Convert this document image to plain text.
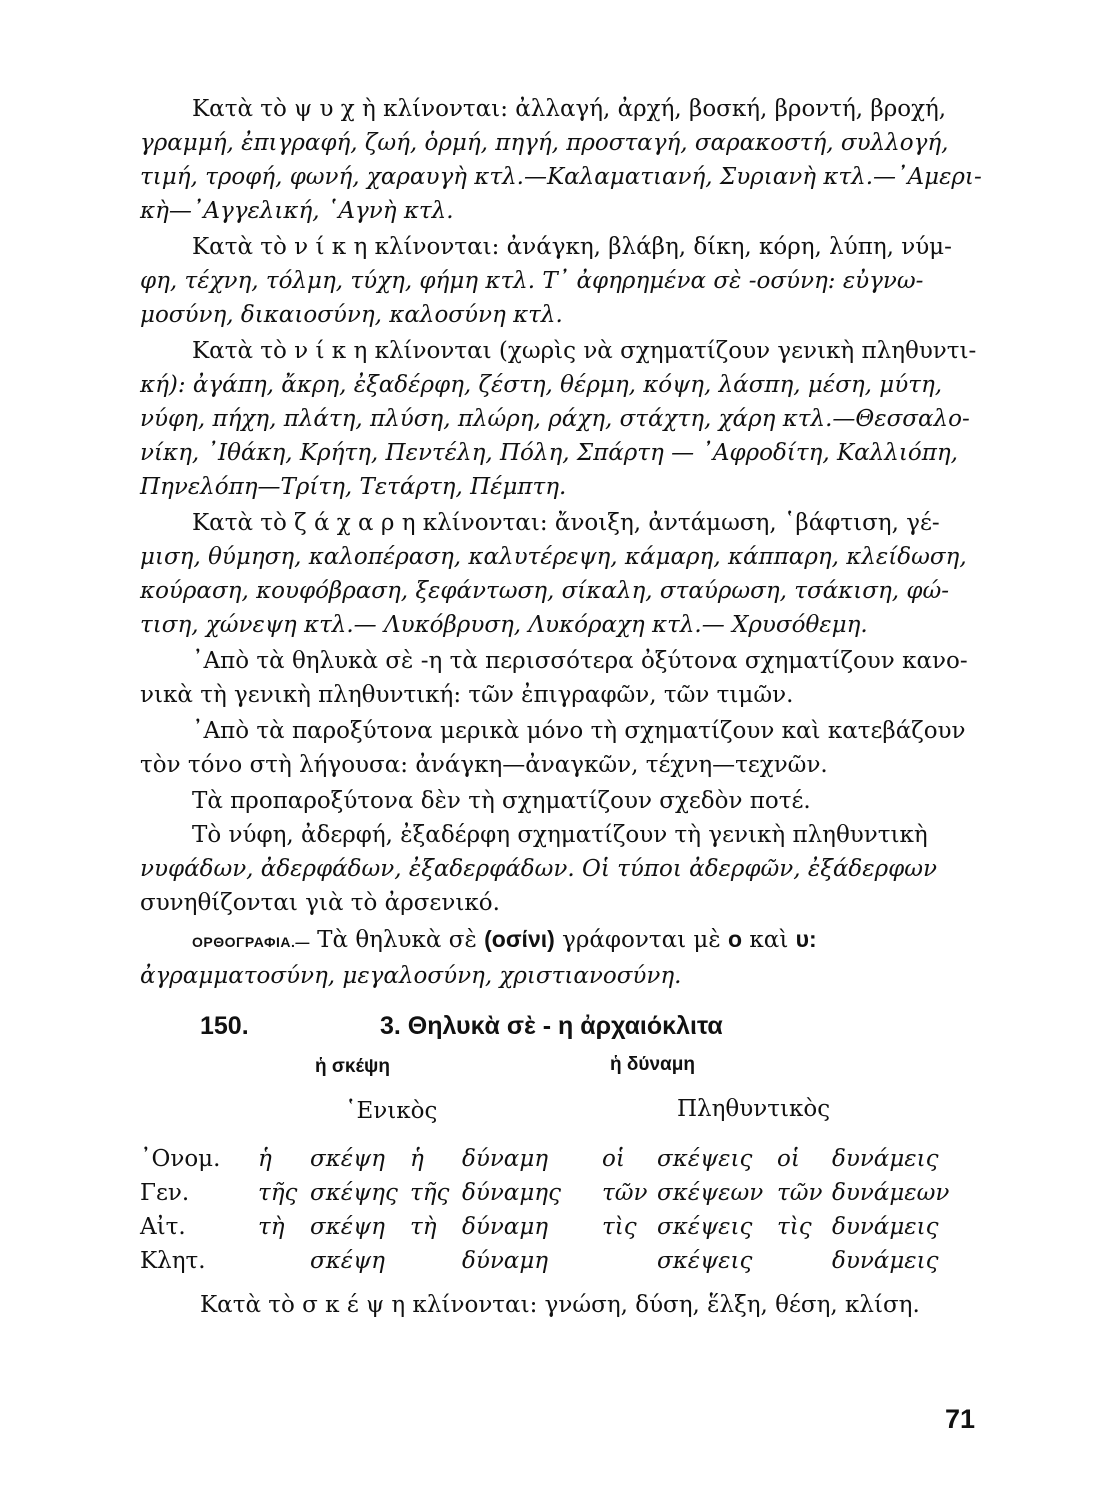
Κατὰ τὸ ψ υ χ ὴ κλίνονται: ἀλλαγή, ἀρχή, βοσκή, βροντή, βροχή,
γραμμή, ἐπιγραφή, ζωή, ὁρμή, πηγή, προσταγή, σαρακοστή, συλλογή,
τιμή, τροφή, φωνή, χαραυγὴ κτλ.—Καλαματιανή, Συριανὴ κτλ.—᾽Αμερι-
κὴ—᾽Αγγελική, ῾Αγνὴ κτλ.
Κατὰ τὸ ν ί κ η κλίνονται: ἀνάγκη, βλάβη, δίκη, κόρη, λύπη, νύμ-
φη, τέχνη, τόλμη, τύχη, φήμη κτλ. Τ᾽ ἀφηρημένα σὲ -οσύνη: εὐγνω-
μοσύνη, δικαιοσύνη, καλοσύνη κτλ.
Κατὰ τὸ ν ί κ η κλίνονται (χωρὶς νὰ σχηματίζουν γενικὴ πληθυντι-
κή): ἀγάπη, ἄκρη, ἐξαδέρφη, ζέστη, θέρμη, κόψη, λάσπη, μέση, μύτη,
νύφη, πήχη, πλάτη, πλύση, πλώρη, ράχη, στάχτη, χάρη κτλ.—Θεσσαλο-
νίκη, ᾽Ιθάκη, Κρήτη, Πεντέλη, Πόλη, Σπάρτη — ᾽Αφροδίτη, Καλλιόπη,
Πηνελόπη—Τρίτη, Τετάρτη, Πέμπτη.
Κατὰ τὸ ζ ά χ α ρ η κλίνονται: ἄνοιξη, ἀντάμωση, ῾βάφτιση, γέ-
μιση, θύμηση, καλοπέραση, καλυτέρεψη, κάμαρη, κάππαρη, κλείδωση,
κούραση, κουφόβραση, ξεφάντωση, σίκαλη, σταύρωση, τσάκιση, φώ-
τιση, χώνεψη κτλ.— Λυκόβρυση, Λυκόραχη κτλ.— Χρυσόθεμη.
᾽Απὸ τὰ θηλυκὰ σὲ -η τὰ περισσότερα ὀξύτονα σχηματίζουν κανο-
νικὰ τὴ γενικὴ πληθυντική: τῶν ἐπιγραφῶν, τῶν τιμῶν.
᾽Απὸ τὰ παροξύτονα μερικὰ μόνο τὴ σχηματίζουν καὶ κατεβάζουν
τὸν τόνο στὴ λήγουσα: ἀνάγκη—ἀναγκῶν, τέχνη—τεχνῶν.
Τὰ προπαροξύτονα δὲν τὴ σχηματίζουν σχεδὸν ποτέ.
Τὸ νύφη, ἀδερφή, ἐξαδέρφη σχηματίζουν τὴ γενικὴ πληθυντικὴ
νυφάδων, ἀδερφάδων, ἐξαδερφάδων. Οἱ τύποι ἀδερφῶν, ἐξάδερφων
συνηθίζονται γιὰ τὸ ἀρσενικό.
ΟΡΘΟΓΡΑΦΙΑ.— Τὰ θηλυκὰ σὲ (οσίνι) γράφονται μὲ ο καὶ υ:
ἀγραμματοσύνη, μεγαλοσύνη, χριστιανοσύνη.
150.	3. Θηλυκὰ σὲ - η ἀρχαιόκλιτα
ἡ σκέψη	ἡ δύναμη
῾Ενικὸς	Πληθυντικὸς
᾽Ονομ.	ἡ	σκέψη	ἡ	δύναμη	οἱ	σκέψεις	οἱ	δυνάμεις
Γεν.	τῆς	σκέψης	τῆς	δύναμης	τῶν	σκέψεων	τῶν	δυνάμεων
Αἰτ.	τὴ	σκέψη	τὴ	δύναμη	τὶς	σκέψεις	τὶς	δυνάμεις
Κλητ.		σκέψη		δύναμη		σκέψεις		δυνάμεις
Κατὰ τὸ σ κ έ ψ η κλίνονται: γνώση, δύση, ἕλξη, θέση, κλίση.
71
